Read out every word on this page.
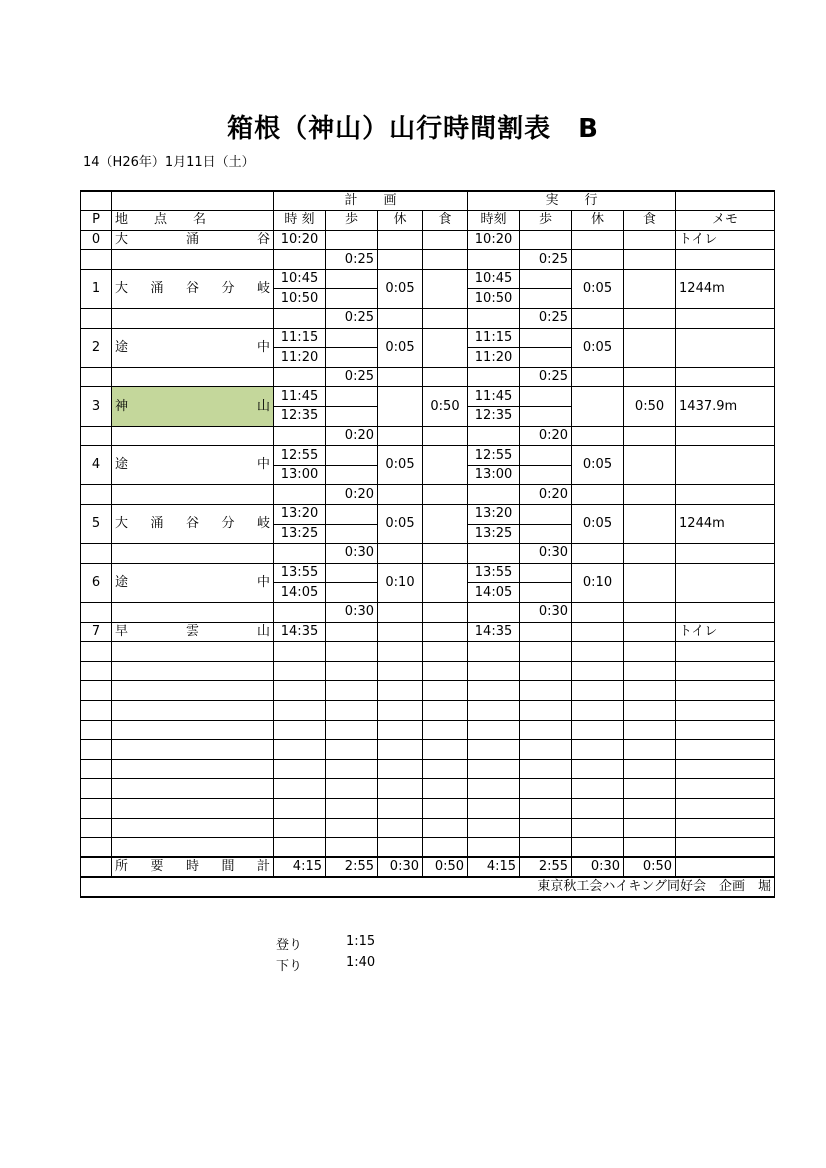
箱根（神山）山行時間割表　B
14（H26年）1月11日（土）
		計　　画				実　　行				
P	地　　点　　名	時 刻	歩	休	食	時刻	歩	休	食	メモ
0	大涌谷	10:20				10:20				トイレ
			0:25				0:25			
1	大涌谷分岐	10:45		0:05		10:45		0:05		1244m
		10:50				10:50				
			0:25				0:25			
2	途中	11:15		0:05		11:15		0:05		
		11:20				11:20				
			0:25				0:25			
3	神山	11:45			0:50	11:45			0:50	1437.9m
		12:35				12:35				
			0:20				0:20			
4	途中	12:55		0:05		12:55		0:05		
		13:00				13:00				
			0:20				0:20			
5	大涌谷分岐	13:20		0:05		13:20		0:05		1244m
		13:25				13:25				
			0:30				0:30			
6	途中	13:55		0:10		13:55		0:10		
		14:05				14:05				
			0:30				0:30			
7	早雲山	14:35				14:35				トイレ

	所　要　時　間　計	4:15	2:55	0:30	0:50	4:15	2:55	0:30	0:50	
東京秋工会ハイキング同好会　企画　堀										
登り	1:15
下り	1:40
